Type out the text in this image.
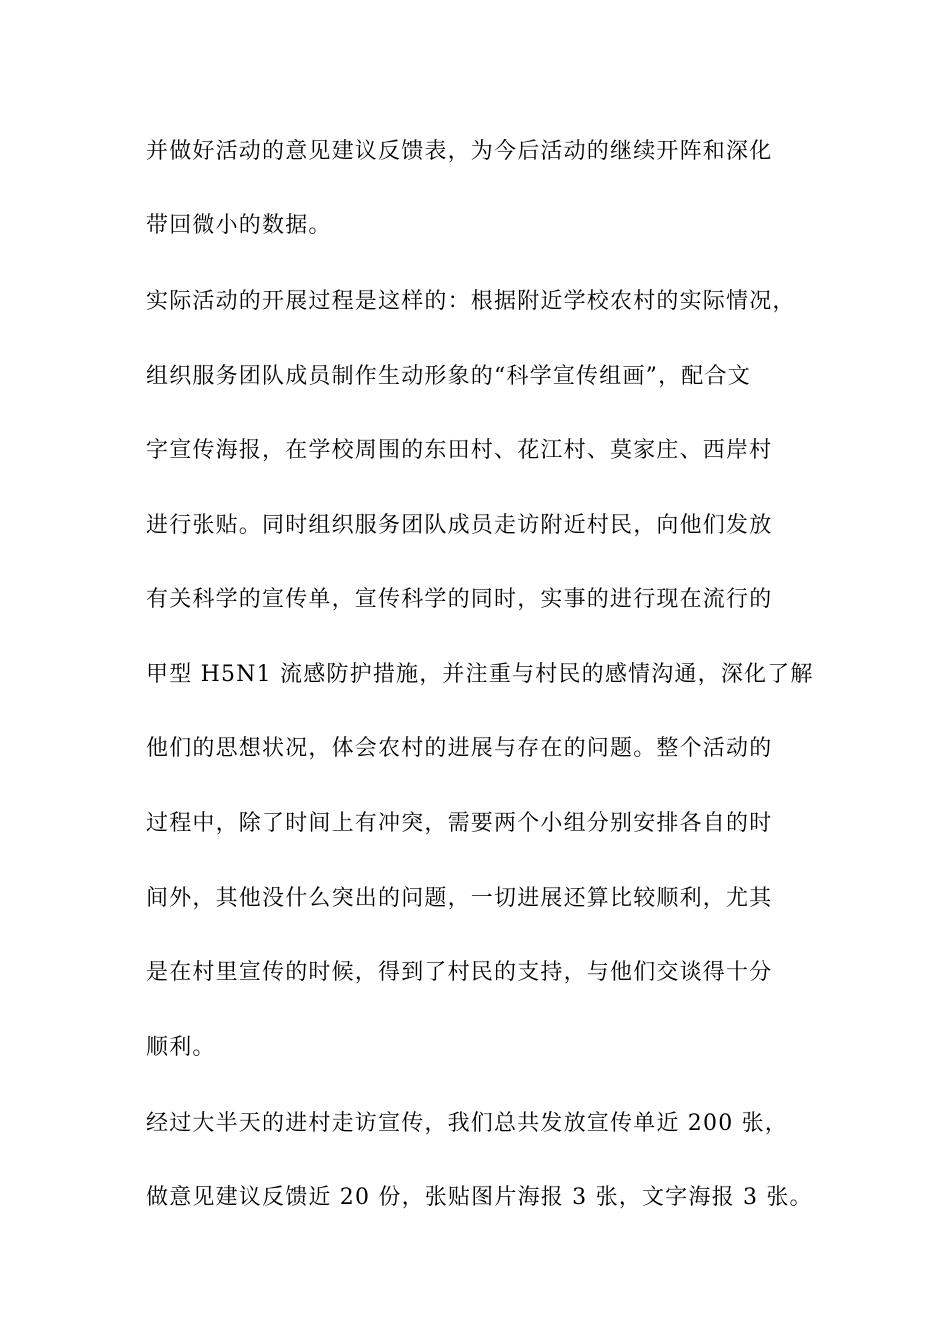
并做好活动的意见建议反馈表，为今后活动的继续开阵和深化
带回微小的数据。
实际活动的开展过程是这样的：根据附近学校农村的实际情况，
组织服务团队成员制作生动形象的“科学宣传组画”，配合文
字宣传海报，在学校周围的东田村、花江村、莫家庄、西岸村
进行张贴。同时组织服务团队成员走访附近村民，向他们发放
有关科学的宣传单，宣传科学的同时，实事的进行现在流行的
甲型 H5N1 流感防护措施，并注重与村民的感情沟通，深化了解
他们的思想状况，体会农村的进展与存在的问题。整个活动的
过程中，除了时间上有冲突，需要两个小组分别安排各自的时
间外，其他没什么突出的问题，一切进展还算比较顺利，尤其
是在村里宣传的时候，得到了村民的支持，与他们交谈得十分
顺利。
经过大半天的进村走访宣传，我们总共发放宣传单近 200 张，
做意见建议反馈近 20 份，张贴图片海报 3 张，文字海报 3 张。
